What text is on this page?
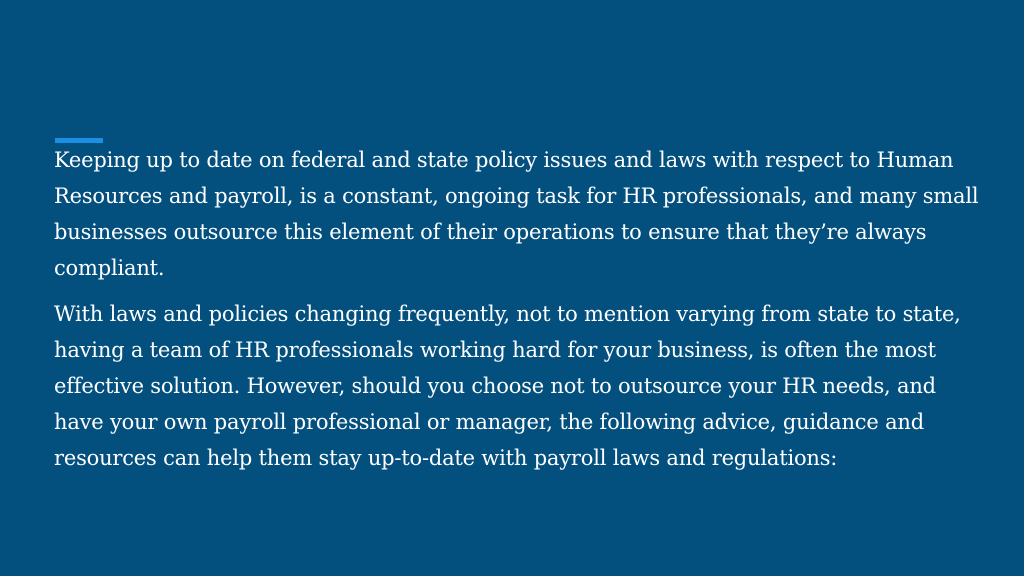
Keeping up to date on federal and state policy issues and laws with respect to Human Resources and payroll, is a constant, ongoing task for HR professionals, and many small businesses outsource this element of their operations to ensure that they’re always compliant.

With laws and policies changing frequently, not to mention varying from state to state, having a team of HR professionals working hard for your business, is often the most effective solution. However, should you choose not to outsource your HR needs, and have your own payroll professional or manager, the following advice, guidance and resources can help them stay up-to-date with payroll laws and regulations:
